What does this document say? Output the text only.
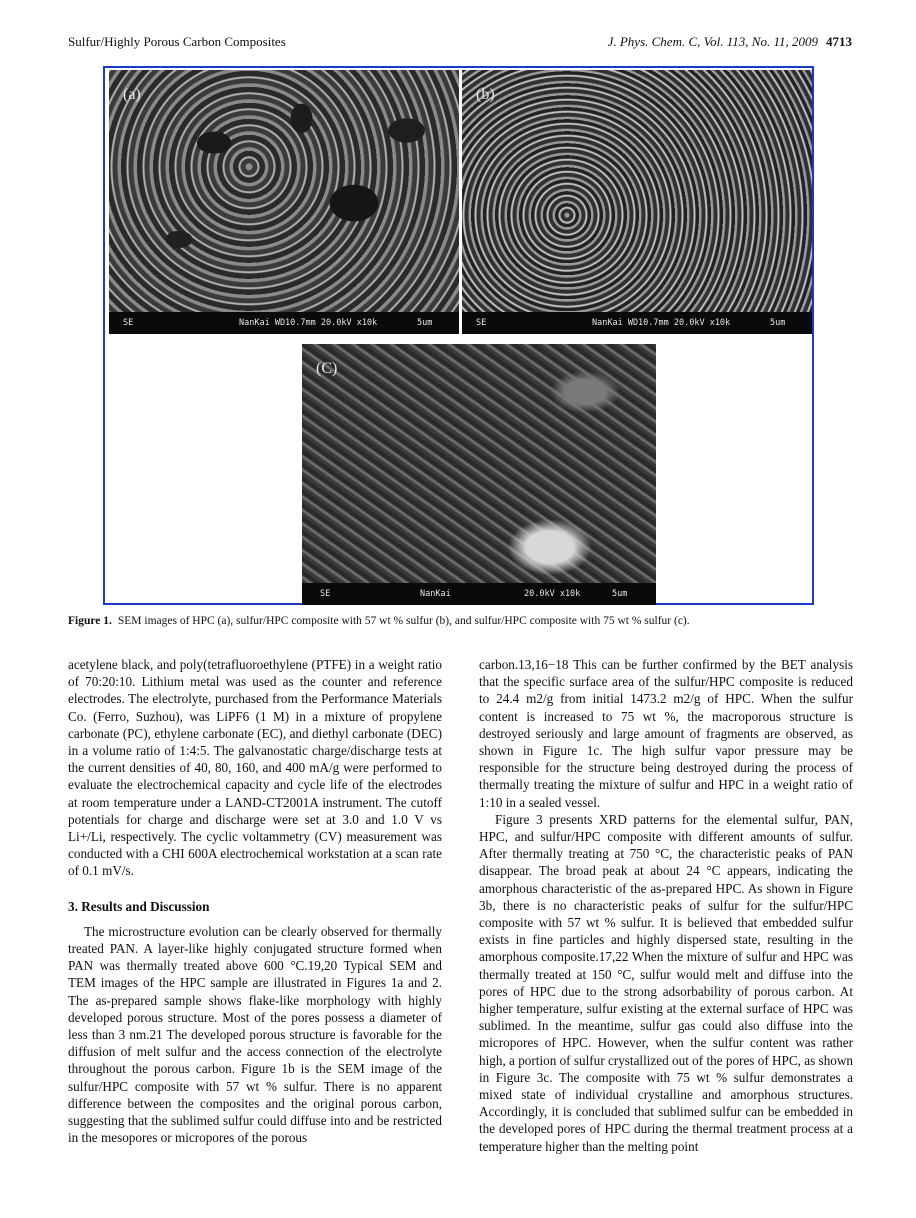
Sulfur/Highly Porous Carbon Composites	J. Phys. Chem. C, Vol. 113, No. 11, 2009 4713
(a)

SE

	NanKai WD10.7mm 20.0kV x10k

	5um

(b)

SE

	NanKai WD10.7mm 20.0kV x10k

	5um

(C)

SE

	NanKai

	20.0kV x10k

	5um

Figure 1. SEM images of HPC (a), sulfur/HPC composite with 57 wt % sulfur (b), and sulfur/HPC composite with 75 wt % sulfur (c).

acetylene black, and poly(tetrafluoroethylene (PTFE) in a weight ratio of 70:20:10. Lithium metal was used as the counter and reference electrodes. The electrolyte, purchased from the Performance Materials Co. (Ferro, Suzhou), was LiPF6 (1 M) in a mixture of propylene carbonate (PC), ethylene carbonate (EC), and diethyl carbonate (DEC) in a volume ratio of 1:4:5. The galvanostatic charge/discharge tests at the current densities of 40, 80, 160, and 400 mA/g were performed to evaluate the electrochemical capacity and cycle life of the electrodes at room temperature under a LAND-CT2001A instrument. The cutoff potentials for charge and discharge were set at 3.0 and 1.0 V vs Li+/Li, respectively. The cyclic voltammetry (CV) measurement was conducted with a CHI 600A electrochemical workstation at a scan rate of 0.1 mV/s.

3. Results and Discussion

The microstructure evolution can be clearly observed for thermally treated PAN. A layer-like highly conjugated structure formed when PAN was thermally treated above 600 °C.19,20 Typical SEM and TEM images of the HPC sample are illustrated in Figures 1a and 2. The as-prepared sample shows flake-like morphology with highly developed porous structure. Most of the pores possess a diameter of less than 3 nm.21 The developed porous structure is favorable for the diffusion of melt sulfur and the access connection of the electrolyte throughout the porous carbon. Figure 1b is the SEM image of the sulfur/HPC composite with 57 wt % sulfur. There is no apparent difference between the composites and the original porous carbon, suggesting that the sublimed sulfur could diffuse into and be restricted in the mesopores or micropores of the porous

carbon.13,16−18 This can be further confirmed by the BET analysis that the specific surface area of the sulfur/HPC composite is reduced to 24.4 m2/g from initial 1473.2 m2/g of HPC. When the sulfur content is increased to 75 wt %, the macroporous structure is destroyed seriously and large amount of fragments are observed, as shown in Figure 1c. The high sulfur vapor pressure may be responsible for the structure being destroyed during the process of thermally treating the mixture of sulfur and HPC in a weight ratio of 1:10 in a sealed vessel.

Figure 3 presents XRD patterns for the elemental sulfur, PAN, HPC, and sulfur/HPC composite with different amounts of sulfur. After thermally treating at 750 °C, the characteristic peaks of PAN disappear. The broad peak at about 24 °C appears, indicating the amorphous characteristic of the as-prepared HPC. As shown in Figure 3b, there is no characteristic peaks of sulfur for the sulfur/HPC composite with 57 wt % sulfur. It is believed that embedded sulfur exists in fine particles and highly dispersed state, resulting in the amorphous composite.17,22 When the mixture of sulfur and HPC was thermally treated at 150 °C, sulfur would melt and diffuse into the pores of HPC due to the strong adsorbability of porous carbon. At higher temperature, sulfur existing at the external surface of HPC was sublimed. In the meantime, sulfur gas could also diffuse into the micropores of HPC. However, when the sulfur content was rather high, a portion of sulfur crystallized out of the pores of HPC, as shown in Figure 3c. The composite with 75 wt % sulfur demonstrates a mixed state of individual crystalline and amorphous structures. Accordingly, it is concluded that sublimed sulfur can be embedded in the developed pores of HPC during the thermal treatment process at a temperature higher than the melting point
